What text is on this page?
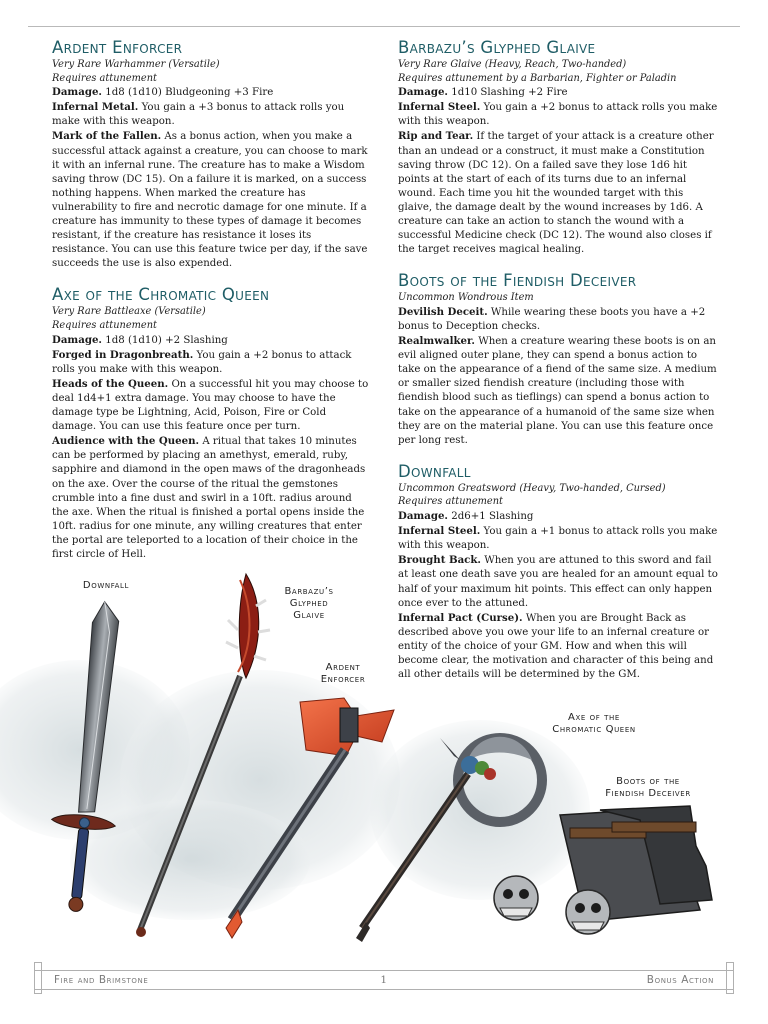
Ardent Enforcer
Very Rare Warhammer (Versatile)
Requires attunement
Damage. 1d8 (1d10) Bludgeoning +3 Fire
Infernal Metal. You gain a +3 bonus to attack rolls you make with this weapon.
Mark of the Fallen. As a bonus action, when you make a successful attack against a creature, you can choose to mark it with an infernal rune. The creature has to make a Wisdom saving throw (DC 15). On a failure it is marked, on a success nothing happens. When marked the creature has vulnerability to fire and necrotic damage for one minute. If a creature has immunity to these types of damage it becomes resistant, if the creature has resistance it loses its resistance. You can use this feature twice per day, if the save succeeds the use is also expended.
Axe of the Chromatic Queen
Very Rare Battleaxe (Versatile)
Requires attunement
Damage. 1d8 (1d10) +2 Slashing
Forged in Dragonbreath. You gain a +2 bonus to attack rolls you make with this weapon.
Heads of the Queen. On a successful hit you may choose to deal 1d4+1 extra damage. You may choose to have the damage type be Lightning, Acid, Poison, Fire or Cold damage. You can use this feature once per turn.
Audience with the Queen. A ritual that takes 10 minutes can be performed by placing an amethyst, emerald, ruby, sapphire and diamond in the open maws of the dragonheads on the axe. Over the course of the ritual the gemstones crumble into a fine dust and swirl in a 10ft. radius around the axe. When the ritual is finished a portal opens inside the 10ft. radius for one minute, any willing creatures that enter the portal are teleported to a location of their choice in the first circle of Hell.
Barbazu’s Glyphed Glaive
Very Rare Glaive (Heavy, Reach, Two-handed)
Requires attunement by a Barbarian, Fighter or Paladin
Damage. 1d10 Slashing +2 Fire
Infernal Steel. You gain a +2 bonus to attack rolls you make with this weapon.
Rip and Tear. If the target of your attack is a creature other than an undead or a construct, it must make a Constitution saving throw (DC 12). On a failed save they lose 1d6 hit points at the start of each of its turns due to an infernal wound. Each time you hit the wounded target with this glaive, the damage dealt by the wound increases by 1d6. A creature can take an action to stanch the wound with a successful Medicine check (DC 12). The wound also closes if the target receives magical healing.
Boots of the Fiendish Deceiver
Uncommon Wondrous Item
Devilish Deceit. While wearing these boots you have a +2 bonus to Deception checks.
Realmwalker. When a creature wearing these boots is on an evil aligned outer plane, they can spend a bonus action to take on the appearance of a fiend of the same size. A medium or smaller sized fiendish creature (including those with fiendish blood such as tieflings) can spend a bonus action to take on the appearance of a humanoid of the same size when they are on the material plane. You can use this feature once per long rest.
Downfall
Uncommon Greatsword (Heavy, Two-handed, Cursed)
Requires attunement
Damage. 2d6+1 Slashing
Infernal Steel. You gain a +1 bonus to attack rolls you make with this weapon.
Brought Back. When you are attuned to this sword and fail at least one death save you are healed for an amount equal to half of your maximum hit points. This effect can only happen once ever to the attuned.
Infernal Pact (Curse). When you are Brought Back as described above you owe your life to an infernal creature or entity of the choice of your GM. How and when this will become clear, the motivation and character of this being and all other details will be determined by the GM.
Downfall
Barbazu’s
Glyphed
Glaive
Ardent
Enforcer
Axe of the
Chromatic Queen
Boots of the
Fiendish Deceiver
Fire and Brimstone	1	Bonus Action
